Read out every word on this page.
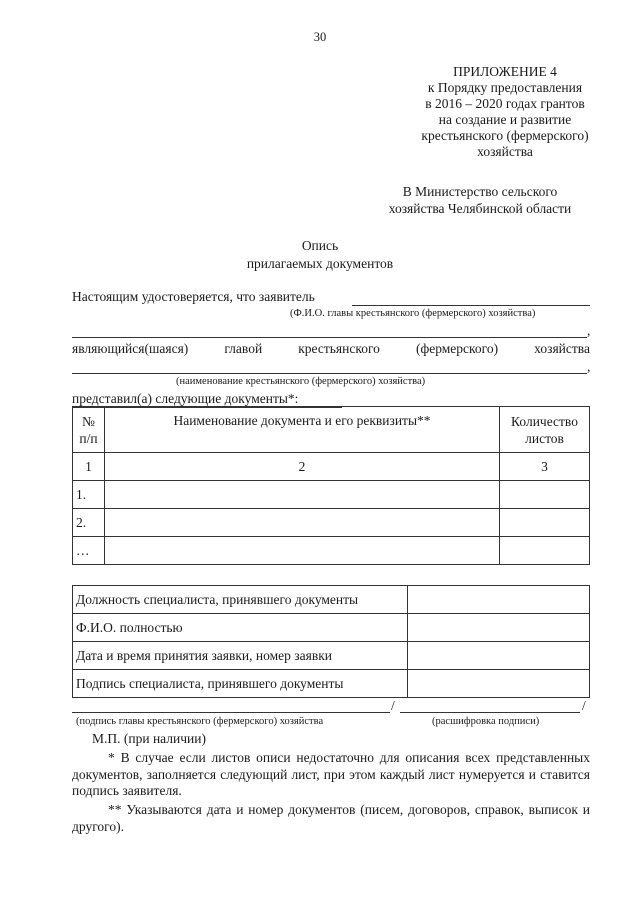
30
ПРИЛОЖЕНИЕ 4
к Порядку предоставления
в 2016 – 2020 годах грантов
на создание и развитие
крестьянского (фермерского)
хозяйства
В Министерство сельского
хозяйства Челябинской области
Опись
прилагаемых документов
Настоящим удостоверяется, что заявитель
(Ф.И.О. главы крестьянского (фермерского) хозяйства)
,
являющийся(шаяся)	главой	крестьянского	(фермерского)	хозяйства
,
(наименование крестьянского (фермерского) хозяйства)
представил(а) следующие документы*:
№ п/п	Наименование документа и его реквизиты**	Количество листов
1	2	3
1.		
2.		
…		
Должность специалиста, принявшего документы	
Ф.И.О. полностью	
Дата и время принятия заявки, номер заявки	
Подпись специалиста, принявшего документы	
/	/
(подпись главы крестьянского (фермерского) хозяйства	(расшифровка подписи)
М.П. (при наличии)
* В случае если листов описи недостаточно для описания всех представленных документов, заполняется следующий лист, при этом каждый лист нумеруется и ставится подпись заявителя.
** Указываются дата и номер документов (писем, договоров, справок, выписок и другого).
